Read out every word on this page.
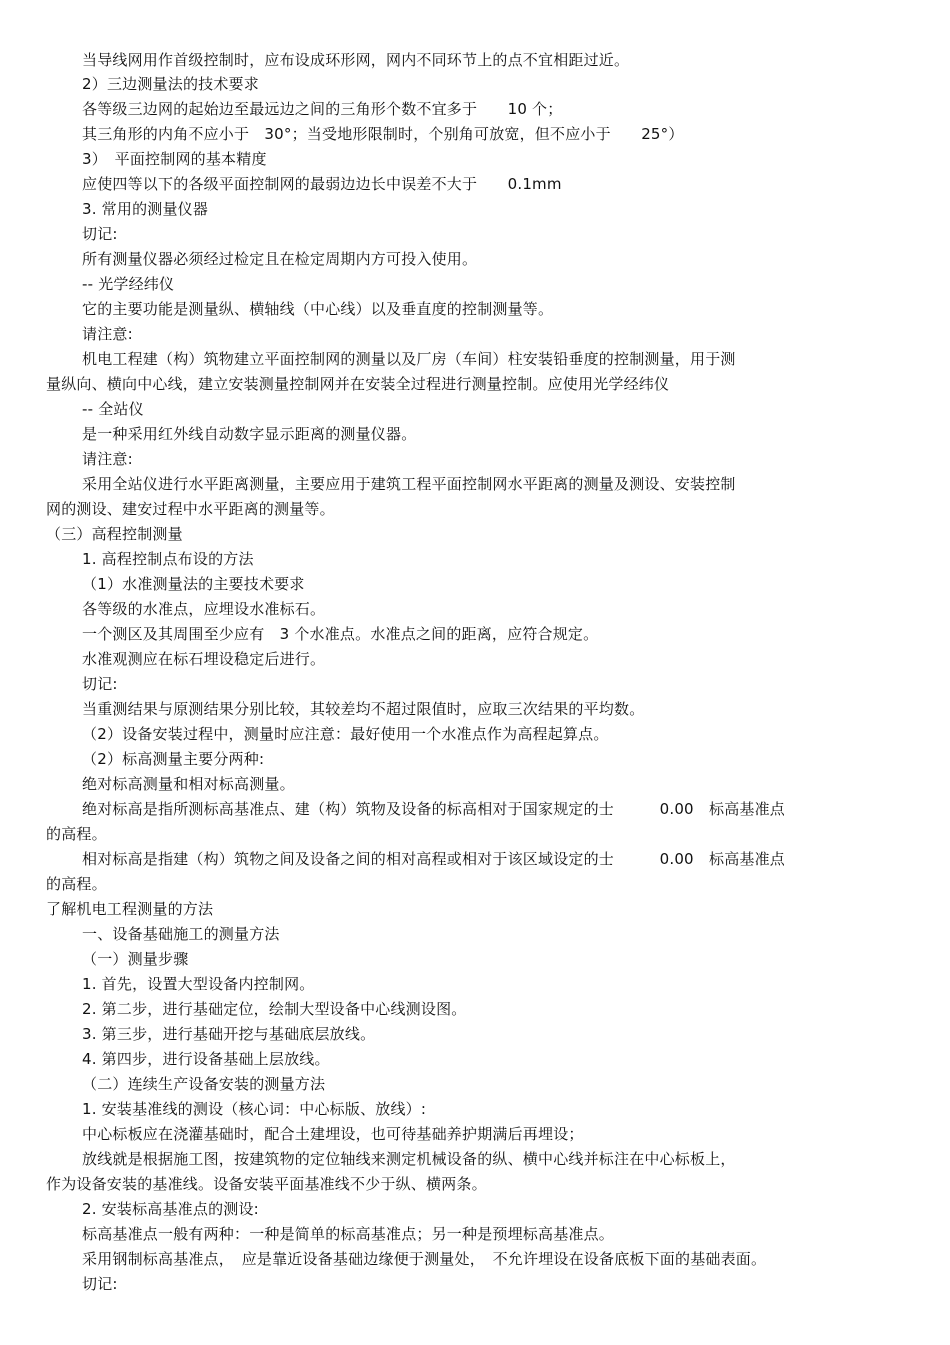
当导线网用作首级控制时，应布设成环形网，网内不同环节上的点不宜相距过近。
2）三边测量法的技术要求
各等级三边网的起始边至最远边之间的三角形个数不宜多于　　10 个；
其三角形的内角不应小于　30°；当受地形限制时，个别角可放宽，但不应小于　　25°）
3）　平面控制网的基本精度
应使四等以下的各级平面控制网的最弱边边长中误差不大于　　0.1mm
3. 常用的测量仪器
切记:
所有测量仪器必须经过检定且在检定周期内方可投入使用。
-- 光学经纬仪
它的主要功能是测量纵、横轴线（中心线）以及垂直度的控制测量等。
请注意:
机电工程建（构）筑物建立平面控制网的测量以及厂房（车间）柱安装铅垂度的控制测量，用于测
量纵向、横向中心线，建立安装测量控制网并在安装全过程进行测量控制。应使用光学经纬仪
-- 全站仪
是一种采用红外线自动数字显示距离的测量仪器。
请注意:
采用全站仪进行水平距离测量，主要应用于建筑工程平面控制网水平距离的测量及测设、安装控制
网的测设、建安过程中水平距离的测量等。
（三）高程控制测量
1. 高程控制点布设的方法
（1）水准测量法的主要技术要求
各等级的水准点，应埋设水准标石。
一个测区及其周围至少应有　3 个水准点。水准点之间的距离，应符合规定。
水准观测应在标石埋设稳定后进行。
切记:
当重测结果与原测结果分别比较，其较差均不超过限值时，应取三次结果的平均数。
（2）设备安装过程中，测量时应注意：最好使用一个水准点作为高程起算点。
（2）标高测量主要分两种:
绝对标高测量和相对标高测量。
绝对标高是指所测标高基准点、建（构）筑物及设备的标高相对于国家规定的士　　　0.00　标高基准点
的高程。
相对标高是指建（构）筑物之间及设备之间的相对高程或相对于该区域设定的士　　　0.00　标高基准点
的高程。
了解机电工程测量的方法
一、设备基础施工的测量方法
（一）测量步骤
1. 首先，设置大型设备内控制网。
2. 第二步，进行基础定位，绘制大型设备中心线测设图。
3. 第三步，进行基础开挖与基础底层放线。
4. 第四步，进行设备基础上层放线。
（二）连续生产设备安装的测量方法
1. 安装基准线的测设（核心词：中心标版、放线）:
中心标板应在浇灌基础时，配合土建埋设，也可待基础养护期满后再埋设；
放线就是根据施工图，按建筑物的定位轴线来测定机械设备的纵、横中心线并标注在中心标板上，
作为设备安装的基准线。设备安装平面基准线不少于纵、横两条。
2. 安装标高基准点的测设:
标高基准点一般有两种：一种是简单的标高基准点；另一种是预埋标高基准点。
采用钢制标高基准点，　应是靠近设备基础边缘便于测量处，　不允许埋设在设备底板下面的基础表面。
切记:
